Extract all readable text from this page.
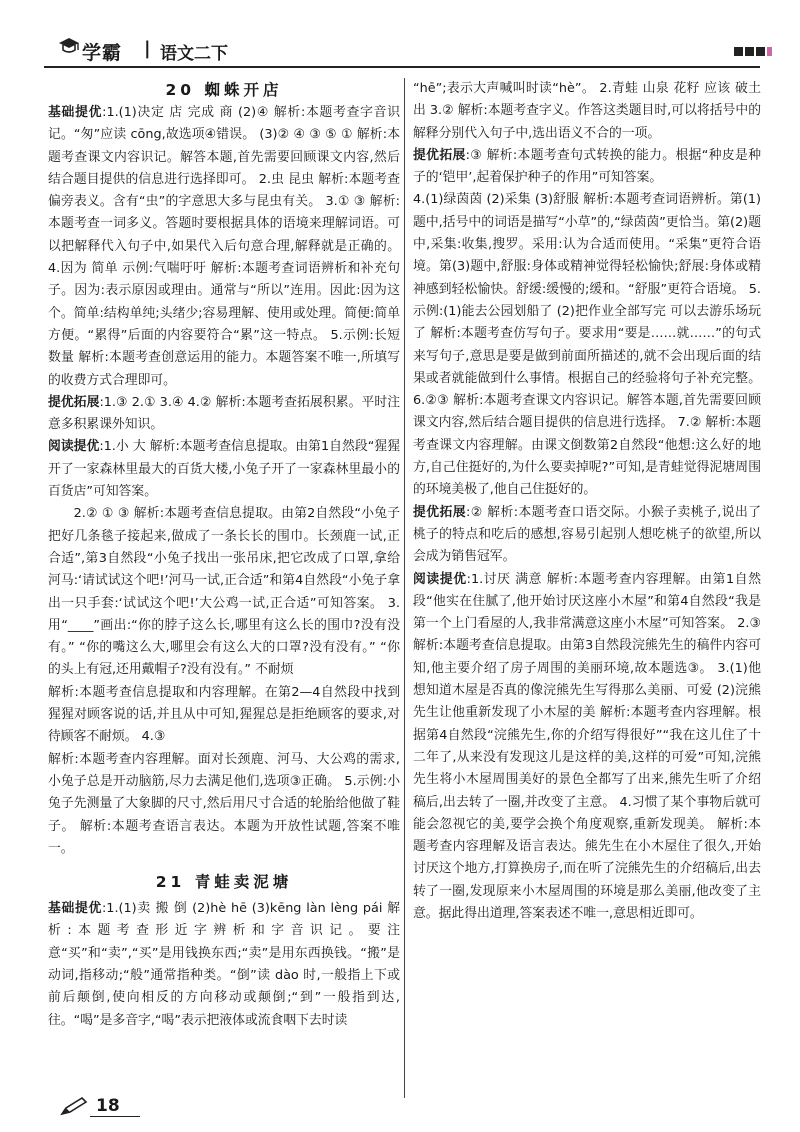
学霸 | 语文二下

20 蜘蛛开店

基础提优:1.(1)决定 店 完成 商 (2)④ 解析:本题考查字音识记。“匆”应读 cōng,故选项④错误。 (3)② ④ ③ ⑤ ① 解析:本题考查课文内容识记。解答本题,首先需要回顾课文内容,然后结合题目提供的信息进行选择即可。 2.虫 昆虫 解析:本题考查偏旁表义。含有“虫”的字意思大多与昆虫有关。 3.① ③ 解析:本题考查一词多义。答题时要根据具体的语境来理解词语。可以把解释代入句子中,如果代入后句意合理,解释就是正确的。 4.因为 简单 示例:气喘吁吁 解析:本题考查词语辨析和补充句子。因为:表示原因或理由。通常与“所以”连用。因此:因为这个。简单:结构单纯;头绪少;容易理解、使用或处理。简便:简单方便。“累得”后面的内容要符合“累”这一特点。 5.示例:长短 数量 解析:本题考查创意运用的能力。本题答案不唯一,所填写的收费方式合理即可。

提优拓展:1.③ 2.① 3.④ 4.② 解析:本题考查拓展积累。平时注意多积累课外知识。

阅读提优:1.小 大 解析:本题考查信息提取。由第1自然段“猩猩开了一家森林里最大的百货大楼,小兔子开了一家森林里最小的百货店”可知答案。

2.② ① ③ 解析:本题考查信息提取。由第2自然段“小兔子把好几条毯子接起来,做成了一条长长的围巾。长颈鹿一试,正合适”,第3自然段“小兔子找出一张吊床,把它改成了口罩,拿给河马:‘请试试这个吧!’河马一试,正合适”和第4自然段“小兔子拿出一只手套:‘试试这个吧!’大公鸡一试,正合适”可知答案。 3.用“____”画出:“你的脖子这么长,哪里有这么长的围巾?没有没有。” “你的嘴这么大,哪里会有这么大的口罩?没有没有。” “你的头上有冠,还用戴帽子?没有没有。” 不耐烦

解析:本题考查信息提取和内容理解。在第2—4自然段中找到猩猩对顾客说的话,并且从中可知,猩猩总是拒绝顾客的要求,对待顾客不耐烦。 4.③

解析:本题考查内容理解。面对长颈鹿、河马、大公鸡的需求,小兔子总是开动脑筋,尽力去满足他们,选项③正确。 5.示例:小兔子先测量了大象脚的尺寸,然后用尺寸合适的轮胎给他做了鞋子。 解析:本题考查语言表达。本题为开放性试题,答案不唯一。

21 青蛙卖泥塘

基础提优:1.(1)卖 搬 倒 (2)hè hē (3)kēng làn lèng pái 解析:本题考查形近字辨析和字音识记。要注意“买”和“卖”,“买”是用钱换东西;“卖”是用东西换钱。“搬”是动词,指移动;“般”通常指种类。“倒”读 dào 时,一般指上下或前后颠倒,使向相反的方向移动或颠倒;“到”一般指到达,往。“喝”是多音字,“喝”表示把液体或流食咽下去时读

“hē”;表示大声喊叫时读“hè”。 2.青蛙 山泉 花籽 应该 破土 出 3.② 解析:本题考查字义。作答这类题目时,可以将括号中的解释分别代入句子中,选出语义不合的一项。

提优拓展:③ 解析:本题考查句式转换的能力。根据“种皮是种子的‘铠甲’,起着保护种子的作用”可知答案。

4.(1)绿茵茵 (2)采集 (3)舒服 解析:本题考查词语辨析。第(1)题中,括号中的词语是描写“小草”的,“绿茵茵”更恰当。第(2)题中,采集:收集,搜罗。采用:认为合适而使用。“采集”更符合语境。第(3)题中,舒服:身体或精神觉得轻松愉快;舒展:身体或精神感到轻松愉快。舒缓:缓慢的;缓和。“舒服”更符合语境。 5.示例:(1)能去公园划船了 (2)把作业全部写完 可以去游乐场玩了 解析:本题考查仿写句子。要求用“要是……就……”的句式来写句子,意思是要是做到前面所描述的,就不会出现后面的结果或者就能做到什么事情。根据自己的经验将句子补充完整。 6.②③ 解析:本题考查课文内容识记。解答本题,首先需要回顾课文内容,然后结合题目提供的信息进行选择。 7.② 解析:本题考查课文内容理解。由课文倒数第2自然段“他想:这么好的地方,自己住挺好的,为什么要卖掉呢?”可知,是青蛙觉得泥塘周围的环境美极了,他自己住挺好的。

提优拓展:② 解析:本题考查口语交际。小猴子卖桃子,说出了桃子的特点和吃后的感想,容易引起别人想吃桃子的欲望,所以会成为销售冠军。

阅读提优:1.讨厌 满意 解析:本题考查内容理解。由第1自然段“他实在住腻了,他开始讨厌这座小木屋”和第4自然段“我是第一个上门看屋的人,我非常满意这座小木屋”可知答案。 2.③ 解析:本题考查信息提取。由第3自然段浣熊先生的稿件内容可知,他主要介绍了房子周围的美丽环境,故本题选③。 3.(1)他想知道木屋是否真的像浣熊先生写得那么美丽、可爱 (2)浣熊先生让他重新发现了小木屋的美 解析:本题考查内容理解。根据第4自然段“浣熊先生,你的介绍写得很好”“我在这儿住了十二年了,从来没有发现这儿是这样的美,这样的可爱”可知,浣熊先生将小木屋周围美好的景色全都写了出来,熊先生听了介绍稿后,出去转了一圈,并改变了主意。 4.习惯了某个事物后就可能会忽视它的美,要学会换个角度观察,重新发现美。 解析:本题考查内容理解及语言表达。熊先生在小木屋住了很久,开始讨厌这个地方,打算换房子,而在听了浣熊先生的介绍稿后,出去转了一圈,发现原来小木屋周围的环境是那么美丽,他改变了主意。据此得出道理,答案表述不唯一,意思相近即可。

18
